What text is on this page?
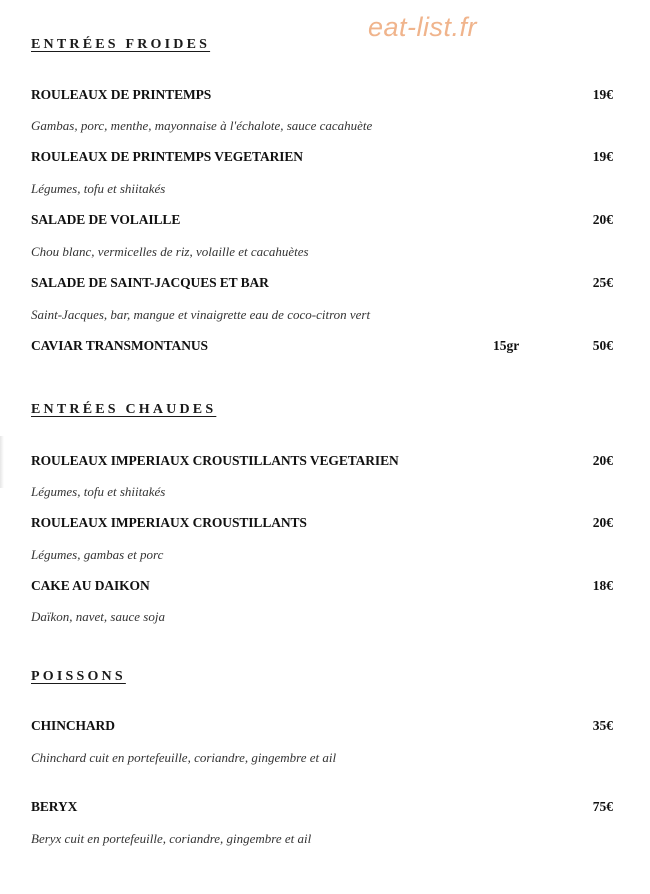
eat-list.fr
ENTRÉES FROIDES
ROULEAUX DE PRINTEMPS	19€
Gambas, porc, menthe, mayonnaise à l'échalote, sauce cacahuète
ROULEAUX DE PRINTEMPS VEGETARIEN	19€
Légumes, tofu et shiitakés
SALADE DE VOLAILLE	20€
Chou blanc, vermicelles de riz, volaille et cacahuètes
SALADE DE SAINT-JACQUES ET BAR	25€
Saint-Jacques, bar, mangue et vinaigrette eau de coco-citron vert
CAVIAR TRANSMONTANUS	15gr	50€
ENTRÉES CHAUDES
ROULEAUX IMPERIAUX CROUSTILLANTS VEGETARIEN	20€
Légumes, tofu et shiitakés
ROULEAUX IMPERIAUX CROUSTILLANTS	20€
Légumes, gambas et porc
CAKE AU DAIKON	18€
Daïkon, navet, sauce soja
POISSONS
CHINCHARD	35€
Chinchard cuit en portefeuille, coriandre, gingembre et ail
BERYX	75€
Beryx cuit en portefeuille, coriandre, gingembre et ail
